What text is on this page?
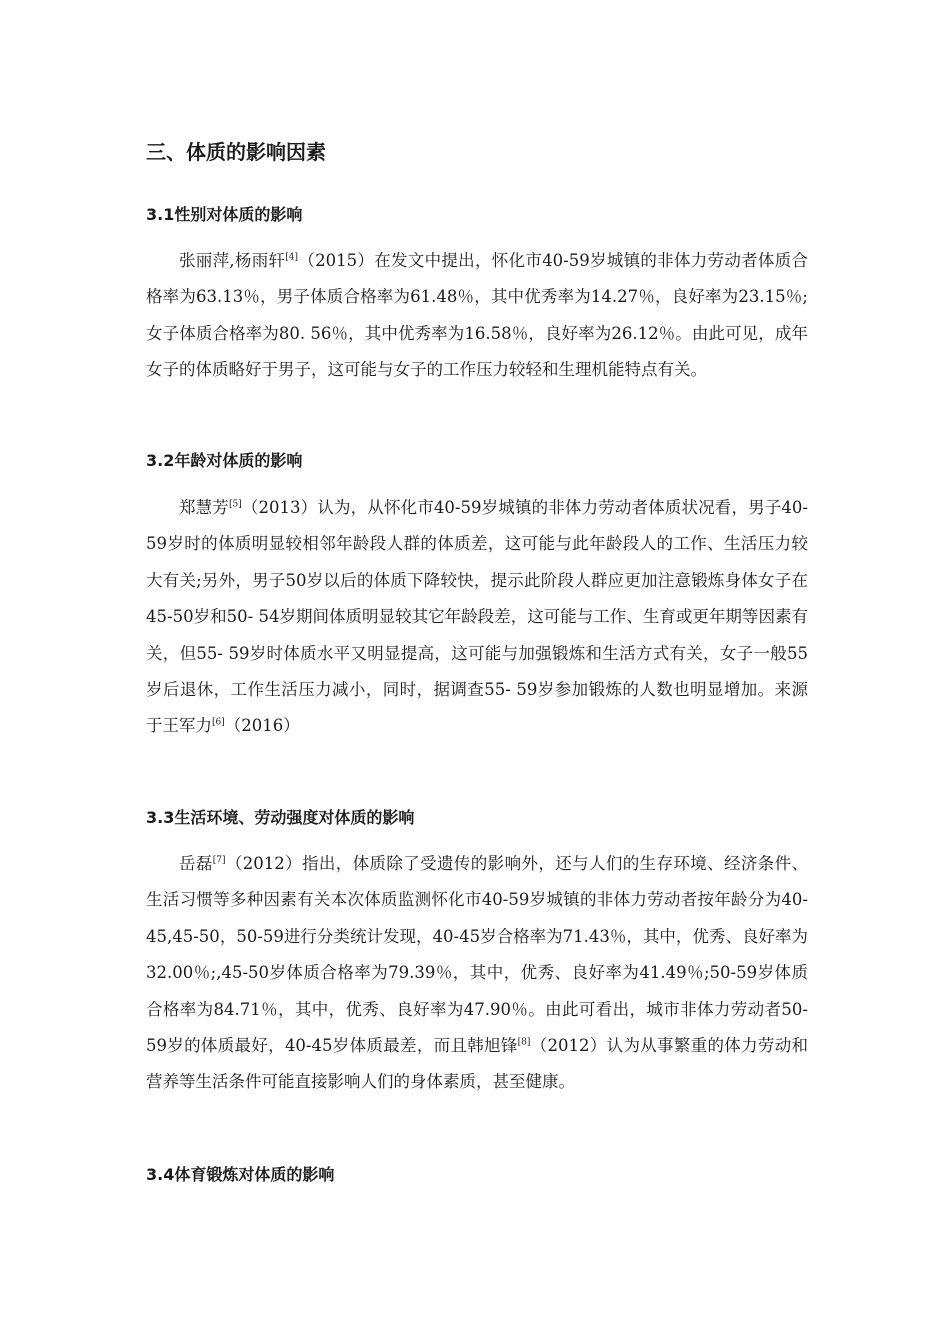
三、体质的影响因素
3.1性别对体质的影响

张丽萍,杨雨轩[4]（2015）在发文中提出，怀化市40-59岁城镇的非体力劳动者体质合格率为63.13％，男子体质合格率为61.48％，其中优秀率为14.27％，良好率为23.15％;女子体质合格率为80. 56％，其中优秀率为16.58％，良好率为26.12％。由此可见，成年女子的体质略好于男子，这可能与女子的工作压力较轻和生理机能特点有关。

3.2年龄对体质的影响

郑慧芳[5]（2013）认为，从怀化市40-59岁城镇的非体力劳动者体质状况看，男子40-59岁时的体质明显较相邻年龄段人群的体质差，这可能与此年龄段人的工作、生活压力较大有关;另外，男子50岁以后的体质下降较快，提示此阶段人群应更加注意锻炼身体女子在45-50岁和50- 54岁期间体质明显较其它年龄段差，这可能与工作、生育或更年期等因素有关，但55- 59岁时体质水平又明显提高，这可能与加强锻炼和生活方式有关，女子一般55岁后退休，工作生活压力减小，同时，据调查55- 59岁参加锻炼的人数也明显增加。来源于王军力[6]（2016）

3.3生活环境、劳动强度对体质的影响

岳磊[7]（2012）指出，体质除了受遗传的影响外，还与人们的生存环境、经济条件、生活习惯等多种因素有关本次体质监测怀化市40-59岁城镇的非体力劳动者按年龄分为40-45,45-50，50-59进行分类统计发现，40-45岁合格率为71.43％，其中，优秀、良好率为32.00％;,45-50岁体质合格率为79.39％，其中，优秀、良好率为41.49％;50-59岁体质合格率为84.71％，其中，优秀、良好率为47.90％。由此可看出，城市非体力劳动者50-59岁的体质最好，40-45岁体质最差，而且韩旭锋[8]（2012）认为从事繁重的体力劳动和营养等生活条件可能直接影响人们的身体素质，甚至健康。

3.4体育锻炼对体质的影响
